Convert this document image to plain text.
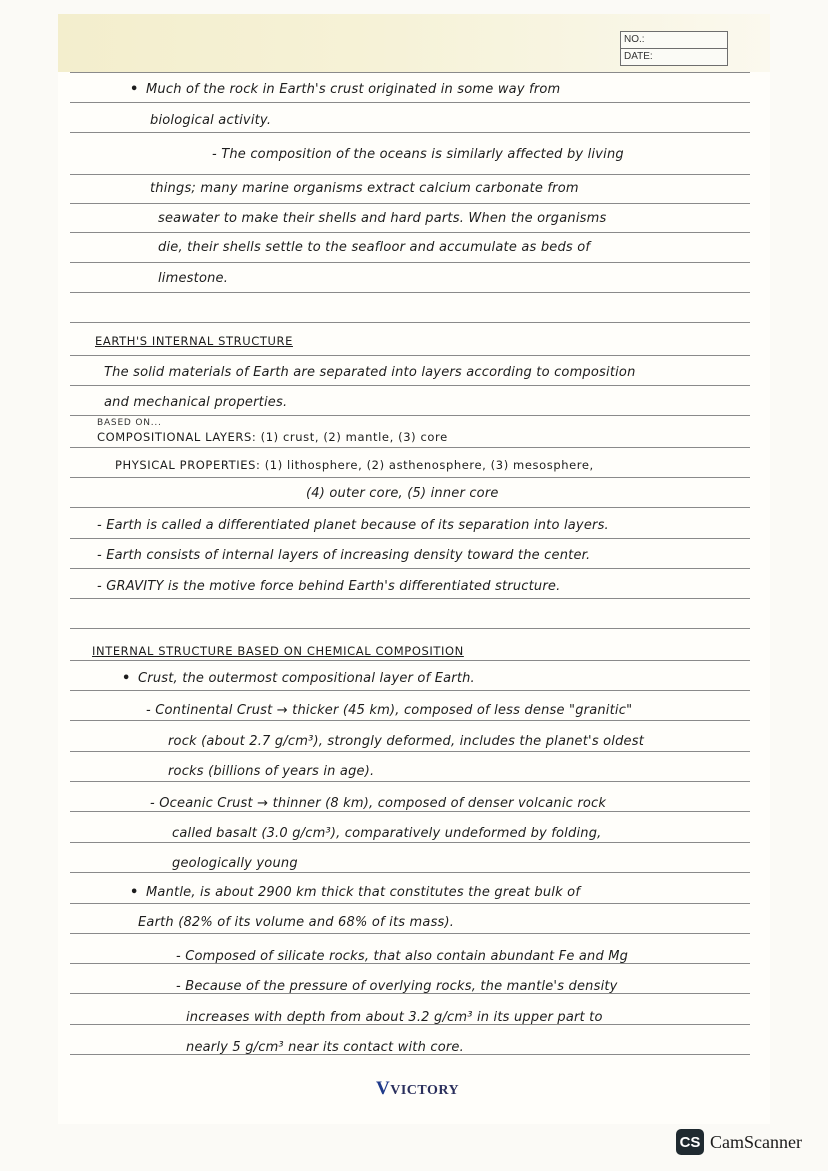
NO.:
DATE:
• Much of the rock in Earth's crust originated in some way from
biological activity.
- The composition of the oceans is similarly affected by living
things; many marine organisms extract calcium carbonate from
seawater to make their shells and hard parts. When the organisms
die, their shells settle to the seafloor and accumulate as beds of
limestone.
EARTH'S INTERNAL STRUCTURE
The solid materials of Earth are separated into layers according to composition
and mechanical properties.
BASED ON...
COMPOSITIONAL LAYERS: (1) crust, (2) mantle, (3) core
PHYSICAL PROPERTIES: (1) lithosphere, (2) asthenosphere, (3) mesosphere,
(4) outer core, (5) inner core
- Earth is called a differentiated planet because of its separation into layers.
- Earth consists of internal layers of increasing density toward the center.
- GRAVITY is the motive force behind Earth's differentiated structure.
INTERNAL STRUCTURE BASED ON CHEMICAL COMPOSITION
• Crust, the outermost compositional layer of Earth.
- Continental Crust → thicker (45 km), composed of less dense "granitic"
rock (about 2.7 g/cm³), strongly deformed, includes the planet's oldest
rocks (billions of years in age).
- Oceanic Crust → thinner (8 km), composed of denser volcanic rock
called basalt (3.0 g/cm³), comparatively undeformed by folding,
geologically young
• Mantle, is about 2900 km thick that constitutes the great bulk of
Earth (82% of its volume and 68% of its mass).
- Composed of silicate rocks, that also contain abundant Fe and Mg
- Because of the pressure of overlying rocks, the mantle's density
increases with depth from about 3.2 g/cm³ in its upper part to
nearly 5 g/cm³ near its contact with core.
VVICTORY
CS CamScanner
